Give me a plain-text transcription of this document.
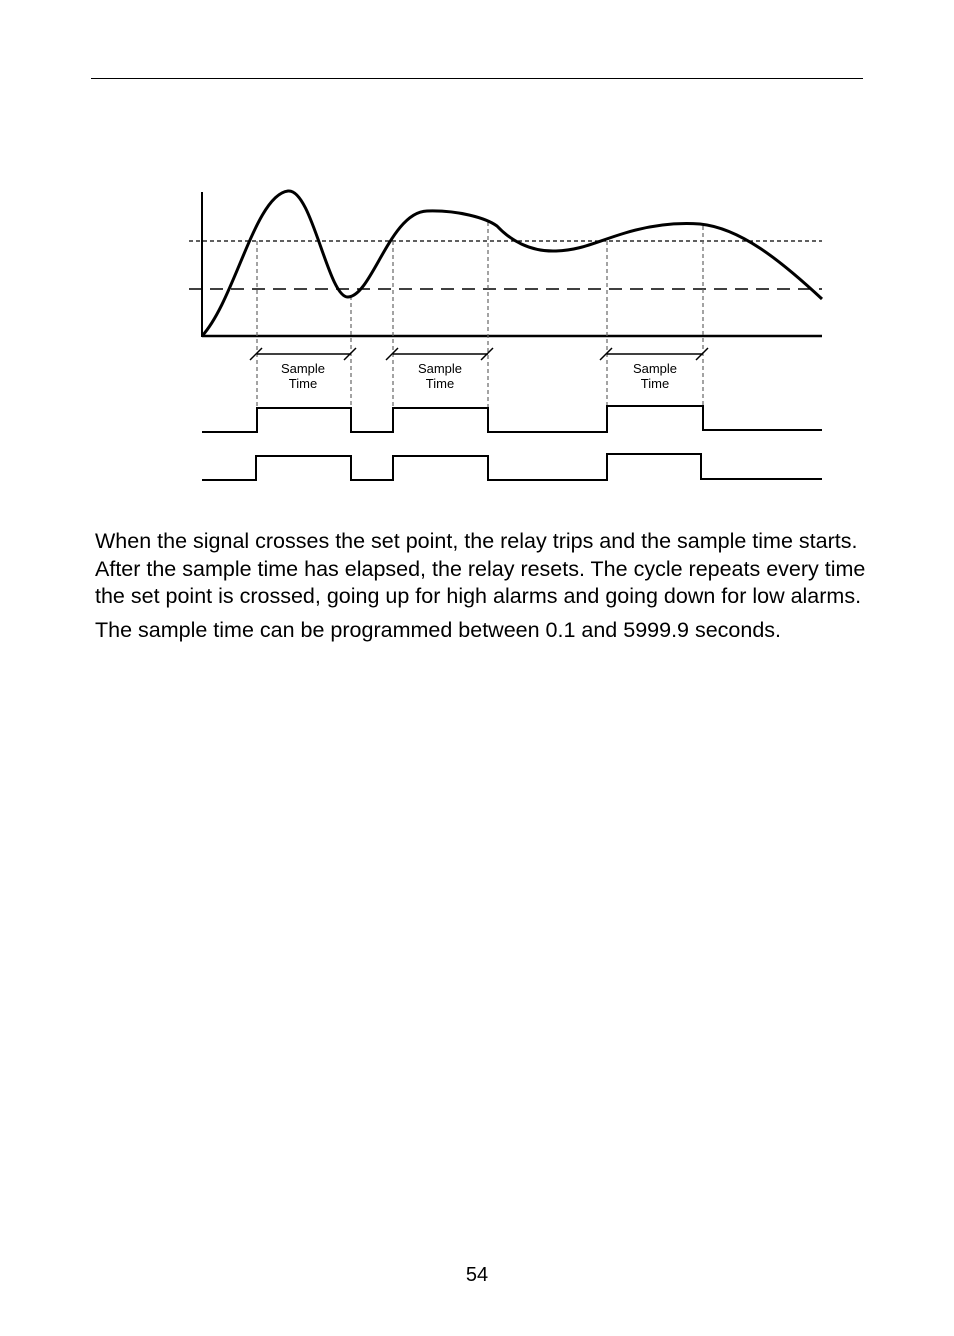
Sample
Time
Sample
Time
Sample
Time

When the signal crosses the set point, the relay trips and the sample time starts. After the sample time has elapsed, the relay resets. The cycle repeats every time the set point is crossed, going up for high alarms and going down for low alarms.

The sample time can be programmed between 0.1 and 5999.9 seconds.

54
